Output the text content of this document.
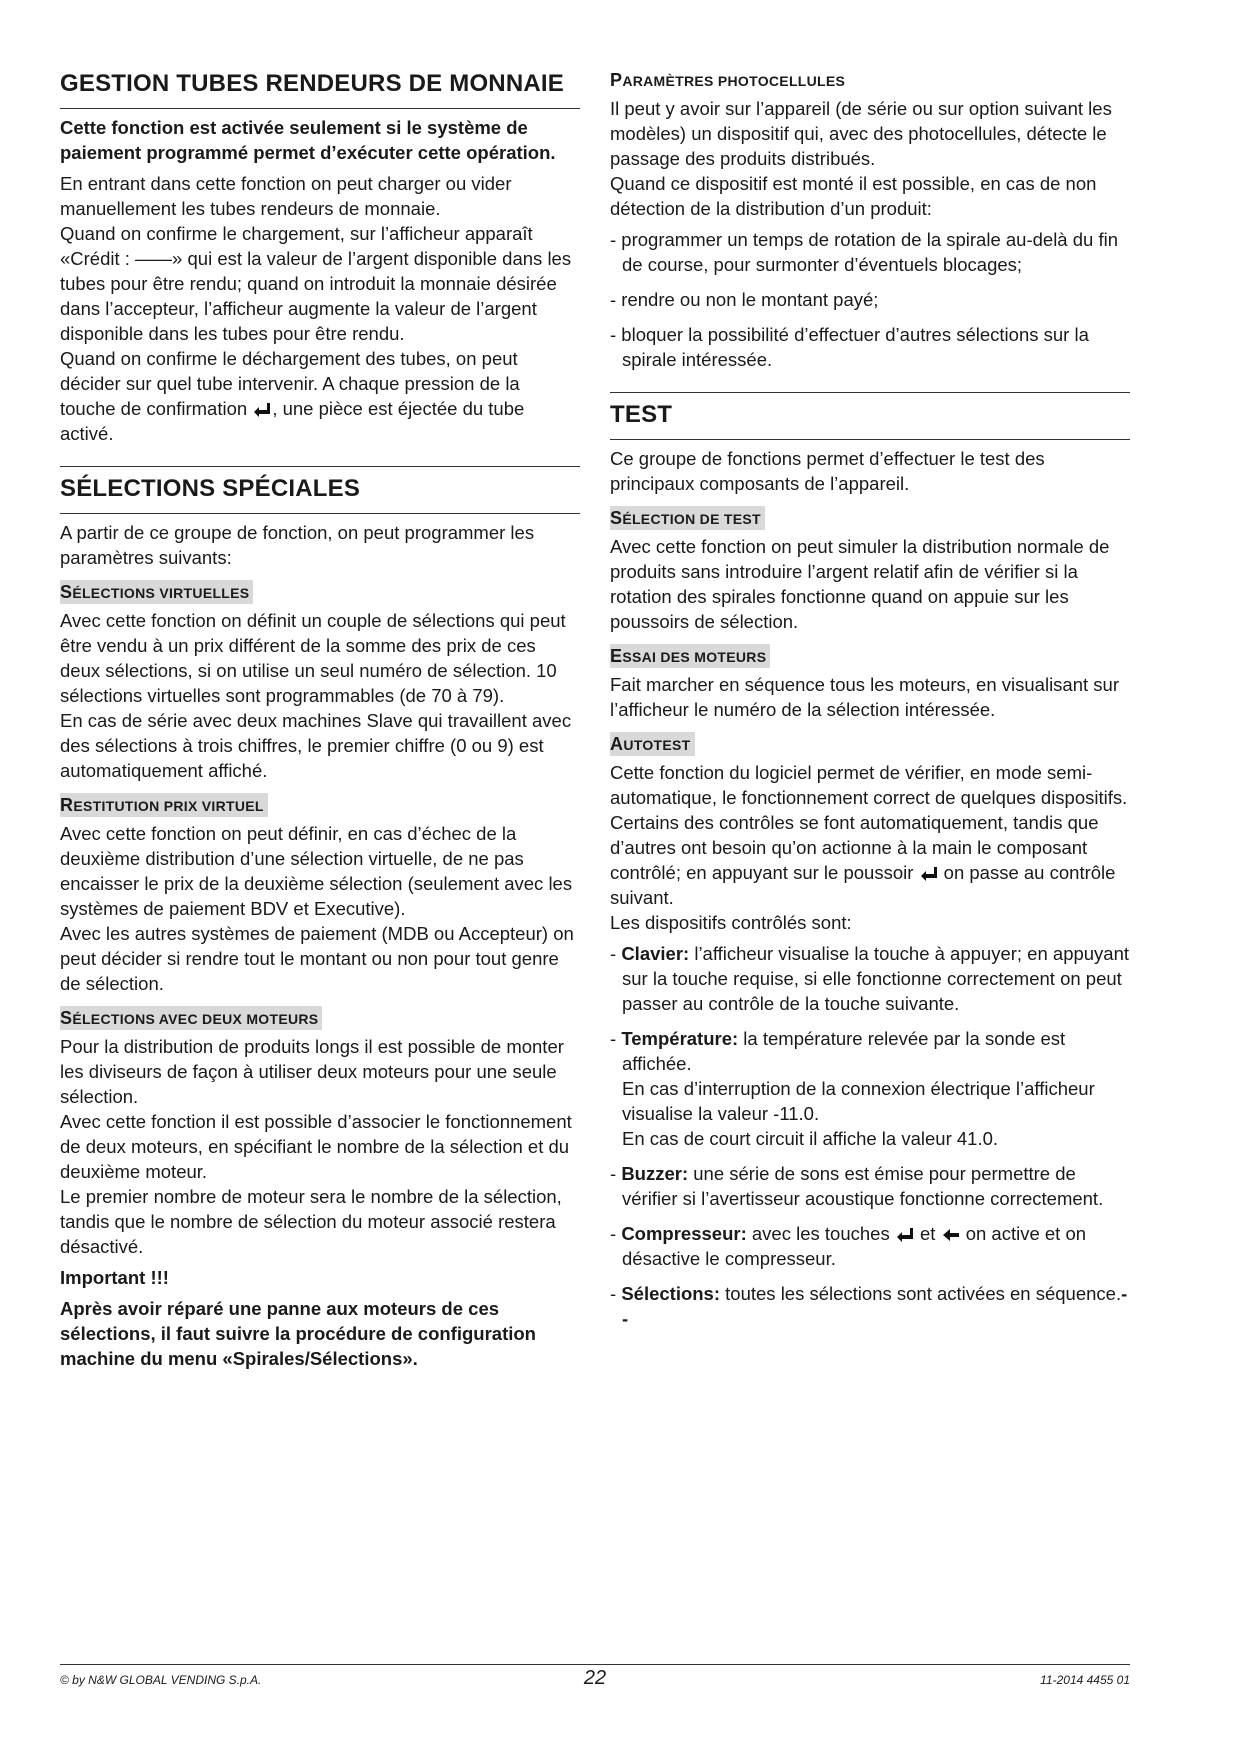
GESTION TUBES RENDEURS DE MONNAIE

Cette fonction est activée seulement si le système de paiement programmé permet d’exécuter cette opération.

En entrant dans cette fonction on peut charger ou vider manuellement les tubes rendeurs de monnaie.

Quand on confirme le chargement, sur l’afficheur apparaît «Crédit : ——» qui est la valeur de l’argent disponible dans les tubes pour être rendu; quand on introduit la monnaie désirée dans l’accepteur, l’afficheur augmente la valeur de l’argent disponible dans les tubes pour être rendu.

Quand on confirme le déchargement des tubes, on peut décider sur quel tube intervenir. A chaque pression de la touche de confirmation , une pièce est éjectée du tube activé.

SÉLECTIONS SPÉCIALES

A partir de ce groupe de fonction, on peut programmer les paramètres suivants:

SÉLECTIONS VIRTUELLES

Avec cette fonction on définit un couple de sélections qui peut être vendu à un prix différent de la somme des prix de ces deux sélections, si on utilise un seul numéro de sélection. 10 sélections virtuelles sont programmables (de 70 à 79).

En cas de série avec deux machines Slave qui travaillent avec des sélections à trois chiffres, le premier chiffre (0 ou 9) est automatiquement affiché.

RESTITUTION PRIX VIRTUEL

Avec cette fonction on peut définir, en cas d’échec de la deuxième distribution d’une sélection virtuelle, de ne pas encaisser le prix de la deuxième sélection (seulement avec les systèmes de paiement BDV et Executive).

Avec les autres systèmes de paiement (MDB ou Accepteur) on peut décider si rendre tout le montant ou non pour tout genre de sélection.

SÉLECTIONS AVEC DEUX MOTEURS

Pour la distribution de produits longs il est possible de monter les diviseurs de façon à utiliser deux moteurs pour une seule sélection.

Avec cette fonction il est possible d’associer le fonctionnement de deux moteurs, en spécifiant le nombre de la sélection et du deuxième moteur.

Le premier nombre de moteur sera le nombre de la sélection, tandis que le nombre de sélection du moteur associé restera désactivé.

Important !!!

Après avoir réparé une panne aux moteurs de ces sélections, il faut suivre la procédure de configuration machine du menu «Spirales/Sélections».

PARAMÈTRES PHOTOCELLULES

Il peut y avoir sur l’appareil (de série ou sur option suivant les modèles) un dispositif qui, avec des photocellules, détecte le passage des produits distribués.

Quand ce dispositif est monté il est possible, en cas de non détection de la distribution d’un produit:

- programmer un temps de rotation de la spirale au-delà du fin de course, pour surmonter d’éventuels blocages;
- rendre ou non le montant payé;
- bloquer la possibilité d’effectuer d’autres sélections sur la spirale intéressée.
TEST

Ce groupe de fonctions permet d’effectuer le test des principaux composants de l’appareil.

SÉLECTION DE TEST

Avec cette fonction on peut simuler la distribution normale de produits sans introduire l’argent relatif afin de vérifier si la rotation des spirales fonctionne quand on appuie sur les poussoirs de sélection.

ESSAI DES MOTEURS

Fait marcher en séquence tous les moteurs, en visualisant sur l’afficheur le numéro de la sélection intéressée.

AUTOTEST

Cette fonction du logiciel permet de vérifier, en mode semi-automatique, le fonctionnement correct de quelques dispositifs.

Certains des contrôles se font automatiquement, tandis que d’autres ont besoin qu’on actionne à la main le composant contrôlé; en appuyant sur le poussoir on passe au contrôle suivant.

Les dispositifs contrôlés sont:

- Clavier: l’afficheur visualise la touche à appuyer; en appuyant sur la touche requise, si elle fonctionne correctement on peut passer au contrôle de la touche suivante.
- Température: la température relevée par la sonde est affichée.
En cas d’interruption de la connexion électrique l’afficheur visualise la valeur -11.0.
En cas de court circuit il affiche la valeur 41.0.
- Buzzer: une série de sons est émise pour permettre de vérifier si l’avertisseur acoustique fonctionne correctement.
- Compresseur: avec les touches et on active et on désactive le compresseur.
- Sélections: toutes les sélections sont activées en séquence.- -
© by N&W GLOBAL VENDING S.p.A.	22	11-2014 4455 01
